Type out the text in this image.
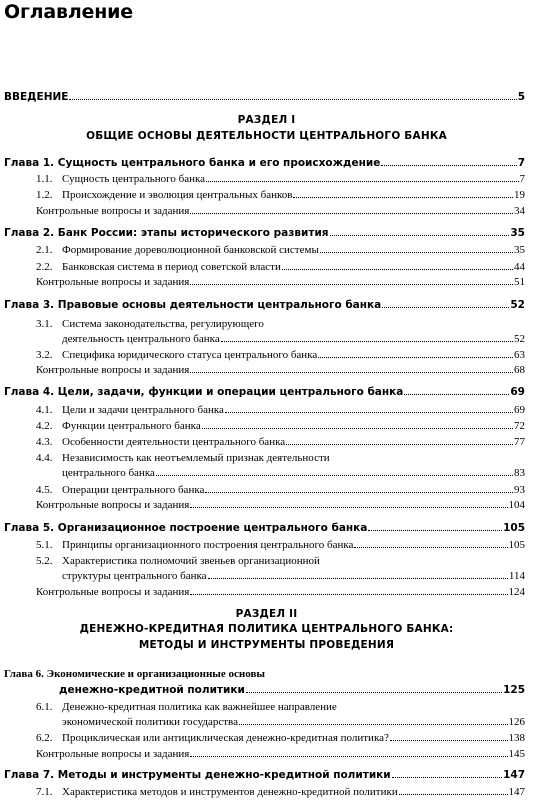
Оглавление
ВВЕДЕНИЕ	5
РАЗДЕЛ I
ОБЩИЕ ОСНОВЫ ДЕЯТЕЛЬНОСТИ ЦЕНТРАЛЬНОГО БАНКА
Глава 1. Сущность центрального банка и его происхождение	7
1.1. Сущность центрального банка	7
1.2. Происхождение и эволюция центральных банков	19
Контрольные вопросы и задания	34
Глава 2. Банк России: этапы исторического развития	35
2.1. Формирование дореволюционной банковской системы	35
2.2. Банковская система в период советской власти	44
Контрольные вопросы и задания	51
Глава 3. Правовые основы деятельности центрального банка	52
3.1. Система законодательства, регулирующего
деятельность центрального банка	52
3.2. Специфика юридического статуса центрального банка	63
Контрольные вопросы и задания	68
Глава 4. Цели, задачи, функции и операции центрального банка	69
4.1. Цели и задачи центрального банка	69
4.2. Функции центрального банка	72
4.3. Особенности деятельности центрального банка	77
4.4. Независимость как неотъемлемый признак деятельности
центрального банка	83
4.5. Операции центрального банка	93
Контрольные вопросы и задания	104
Глава 5. Организационное построение центрального банка	105
5.1. Принципы организационного построения центрального банка	105
5.2. Характеристика полномочий звеньев организационной
структуры центрального банка	114
Контрольные вопросы и задания	124
РАЗДЕЛ II
ДЕНЕЖНО-КРЕДИТНАЯ ПОЛИТИКА ЦЕНТРАЛЬНОГО БАНКА:
МЕТОДЫ И ИНСТРУМЕНТЫ ПРОВЕДЕНИЯ
Глава 6. Экономические и организационные основы
денежно-кредитной политики	125
6.1. Денежно-кредитная политика как важнейшее направление
экономической политики государства	126
6.2. Проциклическая или антициклическая денежно-кредитная политика?	138
Контрольные вопросы и задания	145
Глава 7. Методы и инструменты денежно-кредитной политики	147
7.1. Характеристика методов и инструментов денежно-кредитной политики	147
